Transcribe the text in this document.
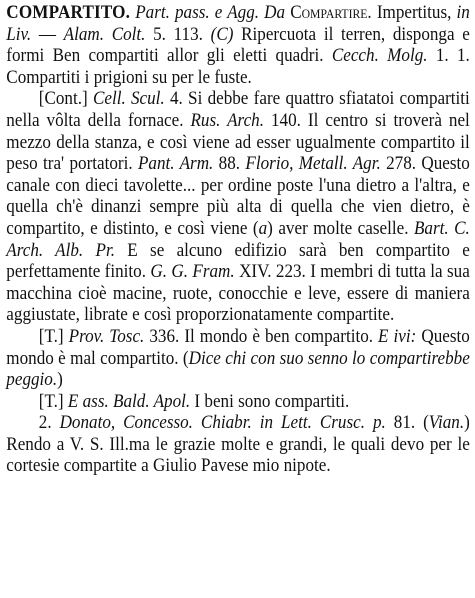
COMPARTITO. Part. pass. e Agg. Da Compartire. Impertitus, in Liv. — Alam. Colt. 5. 113. (C) Ripercuota il terren, disponga e formi Ben compartiti allor gli eletti quadri. Cecch. Molg. 1. 1. Compartiti i prigioni su per le fuste.

[Cont.] Cell. Scul. 4. Si debbe fare quattro sfiatatoi compartiti nella vôlta della fornace. Rus. Arch. 140. Il centro si troverà nel mezzo della stanza, e così viene ad esser ugualmente compartito il peso tra' portatori. Pant. Arm. 88. Florio, Metall. Agr. 278. Questo canale con dieci tavolette... per ordine poste l'una dietro a l'altra, e quella ch'è dinanzi sempre più alta di quella che vien dietro, è compartito, e distinto, e così viene (a) aver molte caselle. Bart. C. Arch. Alb. Pr. E se alcuno edifizio sarà ben compartito e perfettamente finito. G. G. Fram. XIV. 223. I membri di tutta la sua macchina cioè macine, ruote, conocchie e leve, essere di maniera aggiustate, librate e così proporzionatamente compartite.

[T.] Prov. Tosc. 336. Il mondo è ben compartito. E ivi: Questo mondo è mal compartito. (Dice chi con suo senno lo compartirebbe peggio.)

[T.] E ass. Bald. Apol. I beni sono compartiti.

2. Donato, Concesso. Chiabr. in Lett. Crusc. p. 81. (Vian.) Rendo a V. S. Ill.ma le grazie molte e grandi, le quali devo per le cortesie compartite a Giulio Pavese mio nipote.
